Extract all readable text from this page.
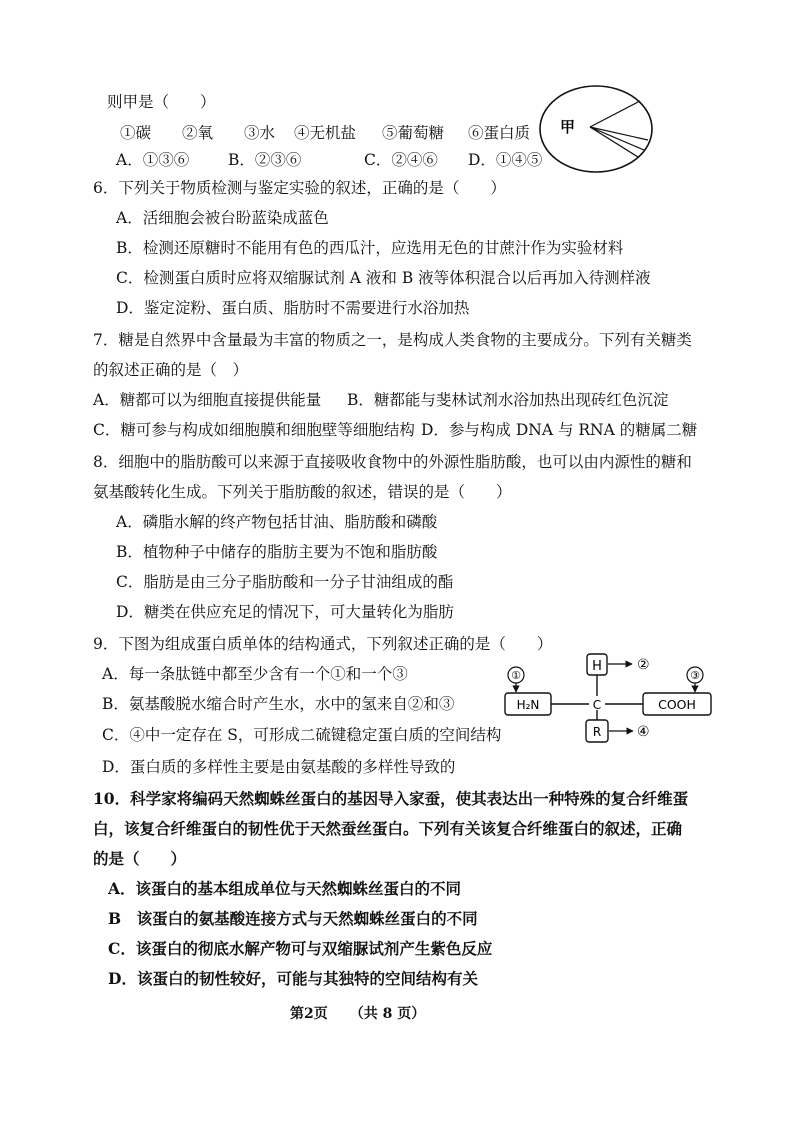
则甲是（　　）
①碳 ②氧 ③水 ④无机盐 ⑤葡萄糖 ⑥蛋白质
A．①③⑥	B．②③⑥	C．②④⑥ D．①④⑤
甲
6．下列关于物质检测与鉴定实验的叙述，正确的是（　　）
A．活细胞会被台盼蓝染成蓝色
B．检测还原糖时不能用有色的西瓜汁，应选用无色的甘蔗汁作为实验材料
C．检测蛋白质时应将双缩脲试剂 A 液和 B 液等体积混合以后再加入待测样液
D．鉴定淀粉、蛋白质、脂肪时不需要进行水浴加热
7．糖是自然界中含量最为丰富的物质之一，是构成人类食物的主要成分。下列有关糖类
的叙述正确的是（　）
A．糖都可以为细胞直接提供能量 B．糖都能与斐林试剂水浴加热出现砖红色沉淀
C．糖可参与构成如细胞膜和细胞壁等细胞结构 D．参与构成 DNA 与 RNA 的糖属二糖
8．细胞中的脂肪酸可以来源于直接吸收食物中的外源性脂肪酸，也可以由内源性的糖和
氨基酸转化生成。下列关于脂肪酸的叙述，错误的是（　　）
A．磷脂水解的终产物包括甘油、脂肪酸和磷酸
B．植物种子中储存的脂肪主要为不饱和脂肪酸
C．脂肪是由三分子脂肪酸和一分子甘油组成的酯
D．糖类在供应充足的情况下，可大量转化为脂肪
9．下图为组成蛋白质单体的结构通式，下列叙述正确的是（　　）
A．每一条肽链中都至少含有一个①和一个③
B．氨基酸脱水缩合时产生水，水中的氢来自②和③
C．④中一定存在 S，可形成二硫键稳定蛋白质的空间结构
D．蛋白质的多样性主要是由氨基酸的多样性导致的
H
H₂N	C	COOH
R
①
②
③
④
10．科学家将编码天然蜘蛛丝蛋白的基因导入家蚕，使其表达出一种特殊的复合纤维蛋
白，该复合纤维蛋白的韧性优于天然蚕丝蛋白。下列有关该复合纤维蛋白的叙述，正确
的是（　　）
A．该蛋白的基本组成单位与天然蜘蛛丝蛋白的不同
B　该蛋白的氨基酸连接方式与天然蜘蛛丝蛋白的不同
C．该蛋白的彻底水解产物可与双缩脲试剂产生紫色反应
D．该蛋白的韧性较好，可能与其独特的空间结构有关
第2页 （共 8 页）
